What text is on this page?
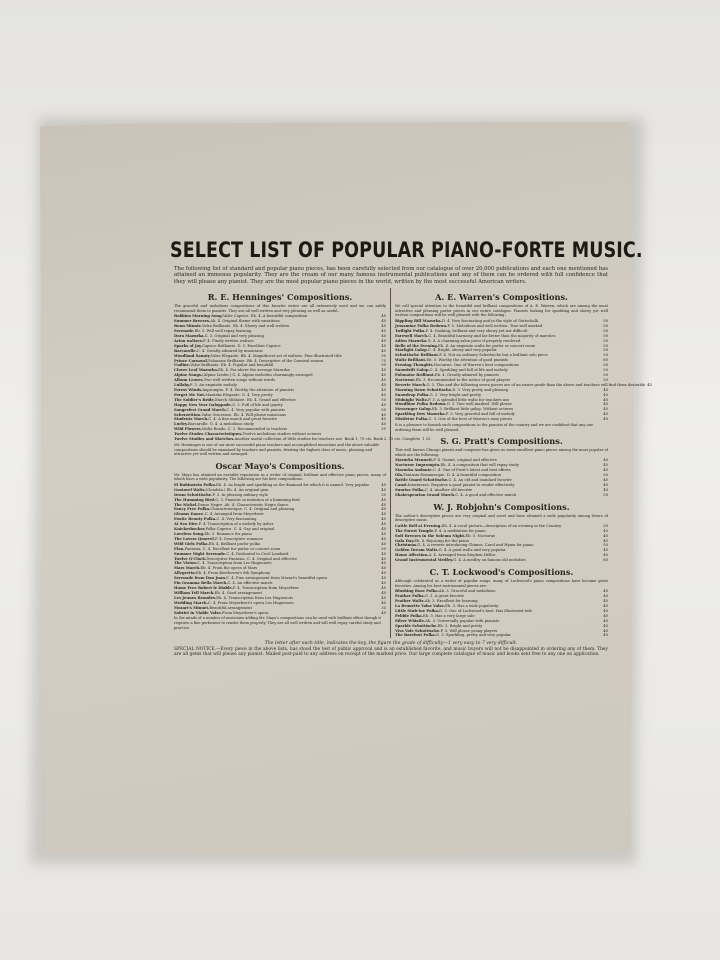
SELECT LIST OF POPULAR PIANO-FORTE MUSIC.
The following list of standard and popular piano pieces, has been carefully selected from our catalogue of over 20,000 publications and each one mentioned has attained an immense popularity. They are the cream of our many famous instrumental publications and any of them can be ordered with full confidence that they will please any pianist. They are the most popular piano pieces in the world, written by the most successful American writers.
R. E. Henninges' Compositions.
The graceful and melodious compositions of this favorite writer are all extensively used and we can safely recommend them to pianists. They are all well written and very pleasing as well as useful.
Bobbins Morning Song. Valse Caprice. Eb. 4. A beautiful composition	40
Summer Breezes. Ab. 4. Original theme with variations	40
Bonn Minnie. Valse Brilliante. Eb. 4. Showy and well written	40
Serenade. Eb. 3. Will well repay learning	40
Dora Mazurka. C. 3. Original and very pleasing	40
Arion waltzes. F. 4. Finely written waltzes	40
Sparks of Joy. Caprice Brilliante. D. 5. Excellent Caprice	40
Barcarolle. C. 4. Greatly admired by musicians	40
Woodland Saunty. Valse Elegante. Bb. 4. Magnificent set of waltzes. Fine illustrated title	50
Prince Carnaval. Polonaise Brilliante. Bb. 4. Descriptive of the Carnival season	75
Undine. Valse Brilliante. Eb. 4. Popular and beautiful	50
Clover Leaf Mazurka. Eb. 4. Far above the average Mazurka	40
Alpine Songs. (Alpine Lieder.) G. 4. Alpine melodies charmingly arranged	40
Album Leaves. Two well written songs without words	40
Lullaby. F. 3. An exquisite melody	40
Forest Winds. Impromptu. F. 4. Worthy the attention of pianists	40
Forget Me Not. Mazurka Elegante. G. 4. Very pretty	40
The Soldier's Bride. March Militaire. Eb. 4. Grand and effective	50
Happy New Year Galoppade. G. 3. Full of life and gayety	40
Sangerfest Grand March. C. 4. Very popular with pianists	50
Scherzettino. Valse Gracieuse. Eb. 4. Will please musicians	40
Students March. C. 4. A fine march and great favorite	40
Lurley. Barcarolle. G. 4. A melodious study	40
Wild Flowers. Waltz Rondo. C. 3. Recommended to teachers	35
Twelve Etudes Characteristiques. Twelve melodious studies without octaves
Twelve Studies and Sketches. Another useful collection of little studies for teachers use. Book 1, 75 cts. Book 2, 75 cts. Complete 1 25
Mr. Henninges is one of our most successful piano teachers and accomplished musicians and the above valuable compositions should be examined by teachers and pianists, desiring the highest class of music, pleasing and attractive yet well written and arranged.
Oscar Mayo's Compositions.
Mr. Mayo has attained an enviable reputation as a writer of original, brilliant and effective piano pieces, many of which have a wide popularity. The following are his best compositions:
El Rubinstein Polka. Eb. 4. As bright and sparkling as the diamond for which it is named. Very popular	40
Gustavel Waltz. (Gondola.) Eb. 4. An original gem	40
Drum Schottische. F. 3. In pleasing military style	35
The Humming Bird. G. 3. Pianistic in imitation of a humming bird	40
The Nickel. Danse Negre. Ab. 4. Characteristic Negro dance	40
Fancy Free Polka. Characteristique. C. 4. Original and pleasing	40
Gleams Dance. C. 4. Arranged from Meyerbeer	40
Exotic Beauty Polka. C. 4. Very fascinating	40
At Sea Dire. F. 4. Transcription of a melody by Asher	40
Knickerbocker. Polka Caprice. C. 4. Gay and original	40
Loveless Song. Eb. 3. Romance for piano	40
The Lovers Quarrel. F. 4. Descriptive romance	40
Wild Girls Polka. Eb. 4. Brilliant parlor polka	40
Elan. Fantasia. C. 4. Excellent for parlor or concert room	50
Summer Night Serenade. C. 4. Dedicated to Cecil Lombard	40
Twelve O'Clock. Descriptive Fantasia. C. 4. Original and effective	40
The Vision. C. 4. Transcription from Les Huguenots	40
Mars March. Eb. 4. From the opera of Mars	40
Allegretto. Eb. 4. From Beethoven's 8th Symphony	40
Serenade from Don Juan. C. 4. Fine arrangement from Mozart's beautiful opera	40
Fin Gramma Bella March. C. 4. An effective march	40
Home Free Robert le Diable. F. 4. Transcription from Meyerbeer	40
William Tell March. Eb. 4. Good arrangement	40
Les Jeunes Beaudes. Eb. 4. Transcription from Les Huguenots	40
Wedding March. C. 4. From Meyerbeer's opera Les Huguenots	40
Mozart's Minuet. Beautiful arrangement	35
Sobriet in Viable Valse. From Meyerbeer's opera	40
In the minds of a number of musicians adding Mr. Mayo's compositions can be used with brilliant effect though it requires a fine performer to render them properly. They are all well written and will well repay careful study and practice.
A. E. Warren's Compositions.
We call special attention to the beautiful and brilliant compositions of A. E. Warren, which are among the most attractive and pleasing parlor pieces in our entire catalogue. Pianists looking for sparkling and showy yet well written compositions will be well pleased with the following:
Rippling Rill Mazurka. D. 4. Very fascinating and in the style of Gottschalk	50
Jessamine Polka Redowa. F. 5. Melodious and well written. Tine well marked	50
Twilight Polka. F. 4. Dashing, brilliant and very showy yet not difficult	50
Farewell March. C. 4. Beautiful harmony and far better than the majority of marches	50
Adieu Mazurka. G. 4. A charming salon piece if properly rendered	50
Belle of the Evening. Eb. 4. An exquisite waltz for parlor or concert room	50
Starlight Galop. C. 4. Bright, showy and very popular	50
Schottische Brilliant. F. 4. Not an ordinary Schottische but a brilliant solo piece	50
Waltz Brilliant. Eb. 5. Worthy the attention of good pianists	60
Evening Thoughts. Nocturne. One of Warren's best compositions	50
Snowdrift Galop. C. 4. Sparkling and full of life and melody	50
Polonaise Brilliant. Eb. 4. Greatly admired by pianists	50
Nocturne. Eb. 3. Recommended to the notice of good players	50
Reverie March. G. 3. This and the following seven pieces are of an easier grade than the above and teachers will find them desirable 40
Morning Dawn Schottische. D. 3. Very pretty and pleasing	40
Snowdrop Polka. G. 3. Very bright and pretty	40
Midnight Waltz. F. 3. A splendid little waltz for teachers use	40
Woodbine Polka Redowa. G. 3. Tine well marked. Will please	40
Messenger Galop. Eb. 3. Brilliant little galop. Without octaves	40
Sparkling Dew Mazurka. F. 3. Very graceful and full of melody	40
Mistletoe Polka. C. 3. One of the best of Warren's easy pieces	40
It is a pleasure to furnish such compositions to the pianists of the country and we are confident that any one ordering them will be well pleased.
S. G. Pratt's Compositions.
This well known Chicago pianist and composer has given us some excellent piano pieces among the most popular of which are the following:
Mazurka Mennett. F. 4. Quaint, original and effective	40
Nocturne Impromptu. Eb. 4. A composition that will repay study	40
Mazurka Andante. C. 4. One of Pratt's latest and best efforts	40
Ola. Fantasia Romanesque. D. 4. A beautiful composition	50
Battle Guard Schottische. C. 4. An old and standard favorite	40
Canzi. Intermezzo. Requires a good pianist to render effectively	40
Sunrise Polka. C. 4. Another old favorite	40
Shakespearian Grand March. C. 4. A good and effective march	50
W. J. Robjohn's Compositions.
The author's descriptive pieces are very original and novel and have attained a wide popularity among lovers of descriptive music.
Cattle Bell at Evening. Eb. 4. A vocal picture—description of an evening in the Country	50
The Forest Temple. F. 4. A meditation for piano	40
Soft Breezes in the Solemn Night. Eb. 5. Nocturne	40
Gala Day. Eb. 4. Rejoicing for the piano	40
Christmas. G. 4. A reverie introducing Chimes, Carol and Hymn for piano	50
Golden Dream Waltz. G. 4. A good waltz and very popular	40
Home Affection. A. 4. Arranged from Stephen Heller	40
Grand Instrumental Medley. G. 4. A medley on famous old melodies	60
C. T. Lockwood's Compositions.
Although celebrated as a writer of popular songs, many of Lockwood's piano compositions have become great favorites. Among his best instrumental pieces are:
Blushing Rose Polka. Ab. 3. Graceful and melodious	40
Feather Polka. G. 3. A great favorite	40
Feather Waltz. Ab. 3. Excellent for learning	40
La Brunette Valse Valse. Eb. 3. Has a wide popularity	40
Little Stub-toe Polka. D. 3. One of Lockwood's best. Has illustrated title	40
Pebble Polka. Eb. 3. Has a very large sale	40
Silver Whistle. Ab. 3. Universally popular with pianists	40
Sparkle Schottische. Eb. 3. Bright and pretty	40
Viva Vale Schottische. F. 3. Will please young players	40
The Barefoot Polka. D. 3. Sparkling, pretty and very popular	40
The letter after each title, indicates the key, the figure the grade of difficulty—1 very easy to 7 very difficult.
SPECIAL NOTICE.—Every piece in the above lists, has stood the test of public approval and is an established favorite, and music buyers will not be disappointed in ordering any of them. They are all gems that will please any pianist. Mailed post-paid to any address on receipt of the marked price. Our large complete catalogue of music and books sent free to any one on application.
